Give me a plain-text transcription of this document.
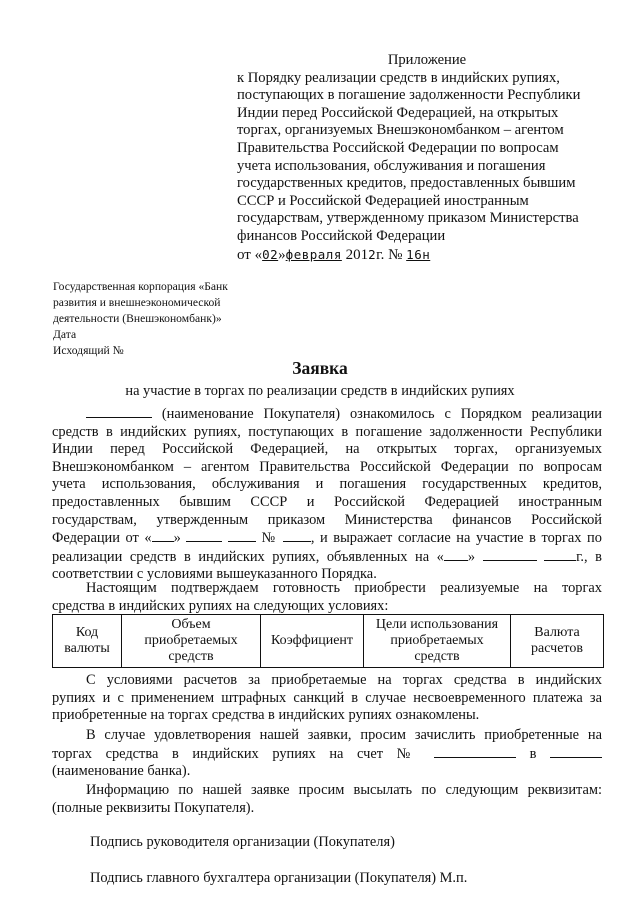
Приложение
к Порядку реализации средств в индийских рупиях,
поступающих в погашение задолженности Республики
Индии перед Российской Федерацией, на открытых
торгах, организуемых Внешэкономбанком – агентом
Правительства Российской Федерации по вопросам
учета использования, обслуживания и погашения
государственных кредитов, предоставленных бывшим
СССР и Российской Федерацией иностранным
государствам, утвержденному приказом Министерства
финансов Российской Федерации
от «02»февраля 2012г. № 16н
Государственная корпорация «Банк
развития и внешнеэкономической
деятельности (Внешэкономбанк)»
Дата
Исходящий №
Заявка
на участие в торгах по реализации средств в индийских рупиях
(наименование Покупателя) ознакомилось с Порядком реализации
средств в индийских рупиях, поступающих в погашение задолженности Республики
Индии перед Российской Федерацией, на открытых торгах, организуемых
Внешэкономбанком – агентом Правительства Российской Федерации по вопросам
учета использования, обслуживания и погашения государственных кредитов,
предоставленных бывшим СССР и Российской Федерацией иностранным
государствам, утвержденным приказом Министерства финансов Российской
Федерации от « »	№ , и выражает согласие на участие в торгах по
реализации средств в индийских рупиях, объявленных на « »	г., в
соответствии с условиями вышеуказанного Порядка.
Настоящим подтверждаем готовность приобрести реализуемые на торгах
средства в индийских рупиях на следующих условиях:
Код валюты	Объем приобретаемых средств	Коэффициент	Цели использования приобретаемых средств	Валюта расчетов
С условиями расчетов за приобретаемые на торгах средства в индийских
рупиях и с применением штрафных санкций в случае несвоевременного платежа за
приобретенные на торгах средства в индийских рупиях ознакомлены.
В случае удовлетворения нашей заявки, просим зачислить приобретенные на
торгах средства в индийских рупиях на счет №	в
(наименование банка).
Информацию по нашей заявке просим высылать по следующим реквизитам:
(полные реквизиты Покупателя).
Подпись руководителя организации (Покупателя)
Подпись главного бухгалтера организации (Покупателя) М.п.
